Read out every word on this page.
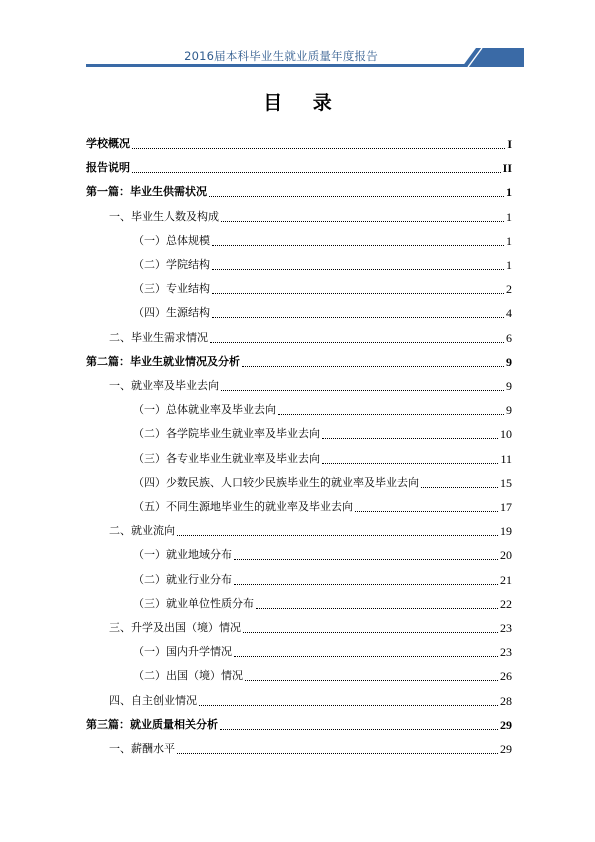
2016届本科毕业生就业质量年度报告
目 录
学校概况	I
报告说明	II
第一篇：毕业生供需状况	1
一、毕业生人数及构成	1
（一）总体规模	1
（二）学院结构	1
（三）专业结构	2
（四）生源结构	4
二、毕业生需求情况	6
第二篇：毕业生就业情况及分析	9
一、就业率及毕业去向	9
（一）总体就业率及毕业去向	9
（二）各学院毕业生就业率及毕业去向	10
（三）各专业毕业生就业率及毕业去向	11
（四）少数民族、人口较少民族毕业生的就业率及毕业去向	15
（五）不同生源地毕业生的就业率及毕业去向	17
二、就业流向	19
（一）就业地域分布	20
（二）就业行业分布	21
（三）就业单位性质分布	22
三、升学及出国（境）情况	23
（一）国内升学情况	23
（二）出国（境）情况	26
四、自主创业情况	28
第三篇：就业质量相关分析	29
一、薪酬水平	29
